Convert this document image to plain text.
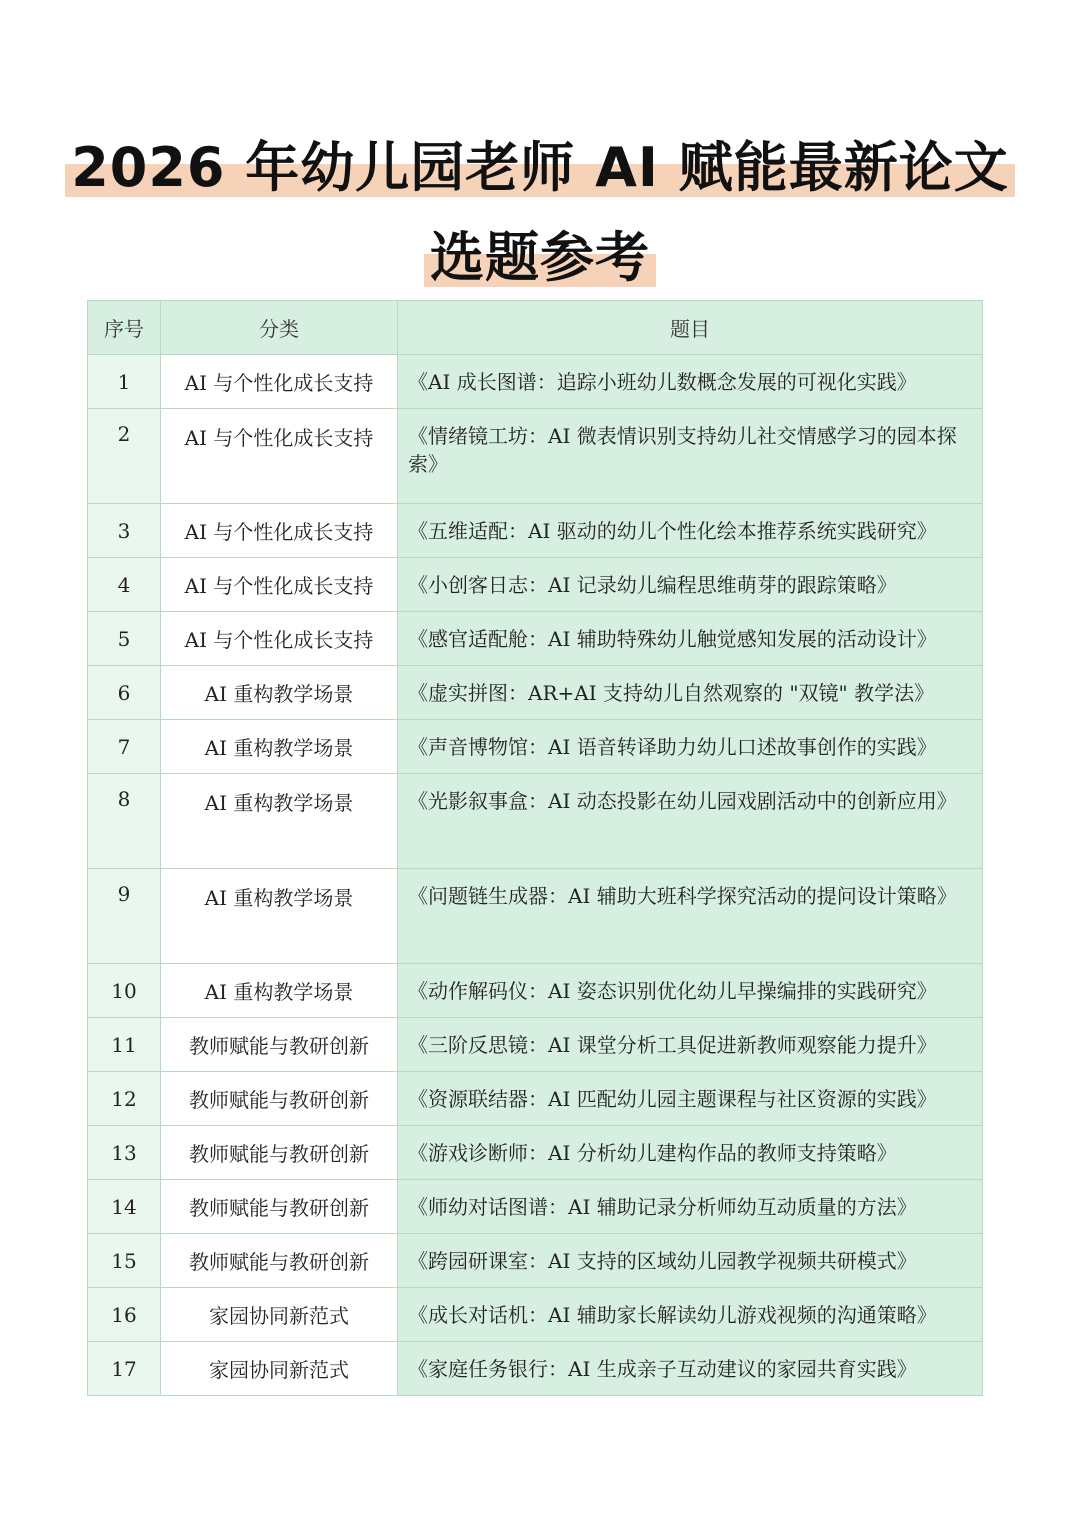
2026 年幼儿园老师 AI 赋能最新论文
选题参考
序号	分类	题目
1	AI 与个性化成长支持	《AI 成长图谱：追踪小班幼儿数概念发展的可视化实践》
2	AI 与个性化成长支持	《情绪镜工坊：AI 微表情识别支持幼儿社交情感学习的园本探索》
3	AI 与个性化成长支持	《五维适配：AI 驱动的幼儿个性化绘本推荐系统实践研究》
4	AI 与个性化成长支持	《小创客日志：AI 记录幼儿编程思维萌芽的跟踪策略》
5	AI 与个性化成长支持	《感官适配舱：AI 辅助特殊幼儿触觉感知发展的活动设计》
6	AI 重构教学场景	《虚实拼图：AR+AI 支持幼儿自然观察的 "双镜" 教学法》
7	AI 重构教学场景	《声音博物馆：AI 语音转译助力幼儿口述故事创作的实践》
8	AI 重构教学场景	《光影叙事盒：AI 动态投影在幼儿园戏剧活动中的创新应用》
9	AI 重构教学场景	《问题链生成器：AI 辅助大班科学探究活动的提问设计策略》
10	AI 重构教学场景	《动作解码仪：AI 姿态识别优化幼儿早操编排的实践研究》
11	教师赋能与教研创新	《三阶反思镜：AI 课堂分析工具促进新教师观察能力提升》
12	教师赋能与教研创新	《资源联结器：AI 匹配幼儿园主题课程与社区资源的实践》
13	教师赋能与教研创新	《游戏诊断师：AI 分析幼儿建构作品的教师支持策略》
14	教师赋能与教研创新	《师幼对话图谱：AI 辅助记录分析师幼互动质量的方法》
15	教师赋能与教研创新	《跨园研课室：AI 支持的区域幼儿园教学视频共研模式》
16	家园协同新范式	《成长对话机：AI 辅助家长解读幼儿游戏视频的沟通策略》
17	家园协同新范式	《家庭任务银行：AI 生成亲子互动建议的家园共育实践》
